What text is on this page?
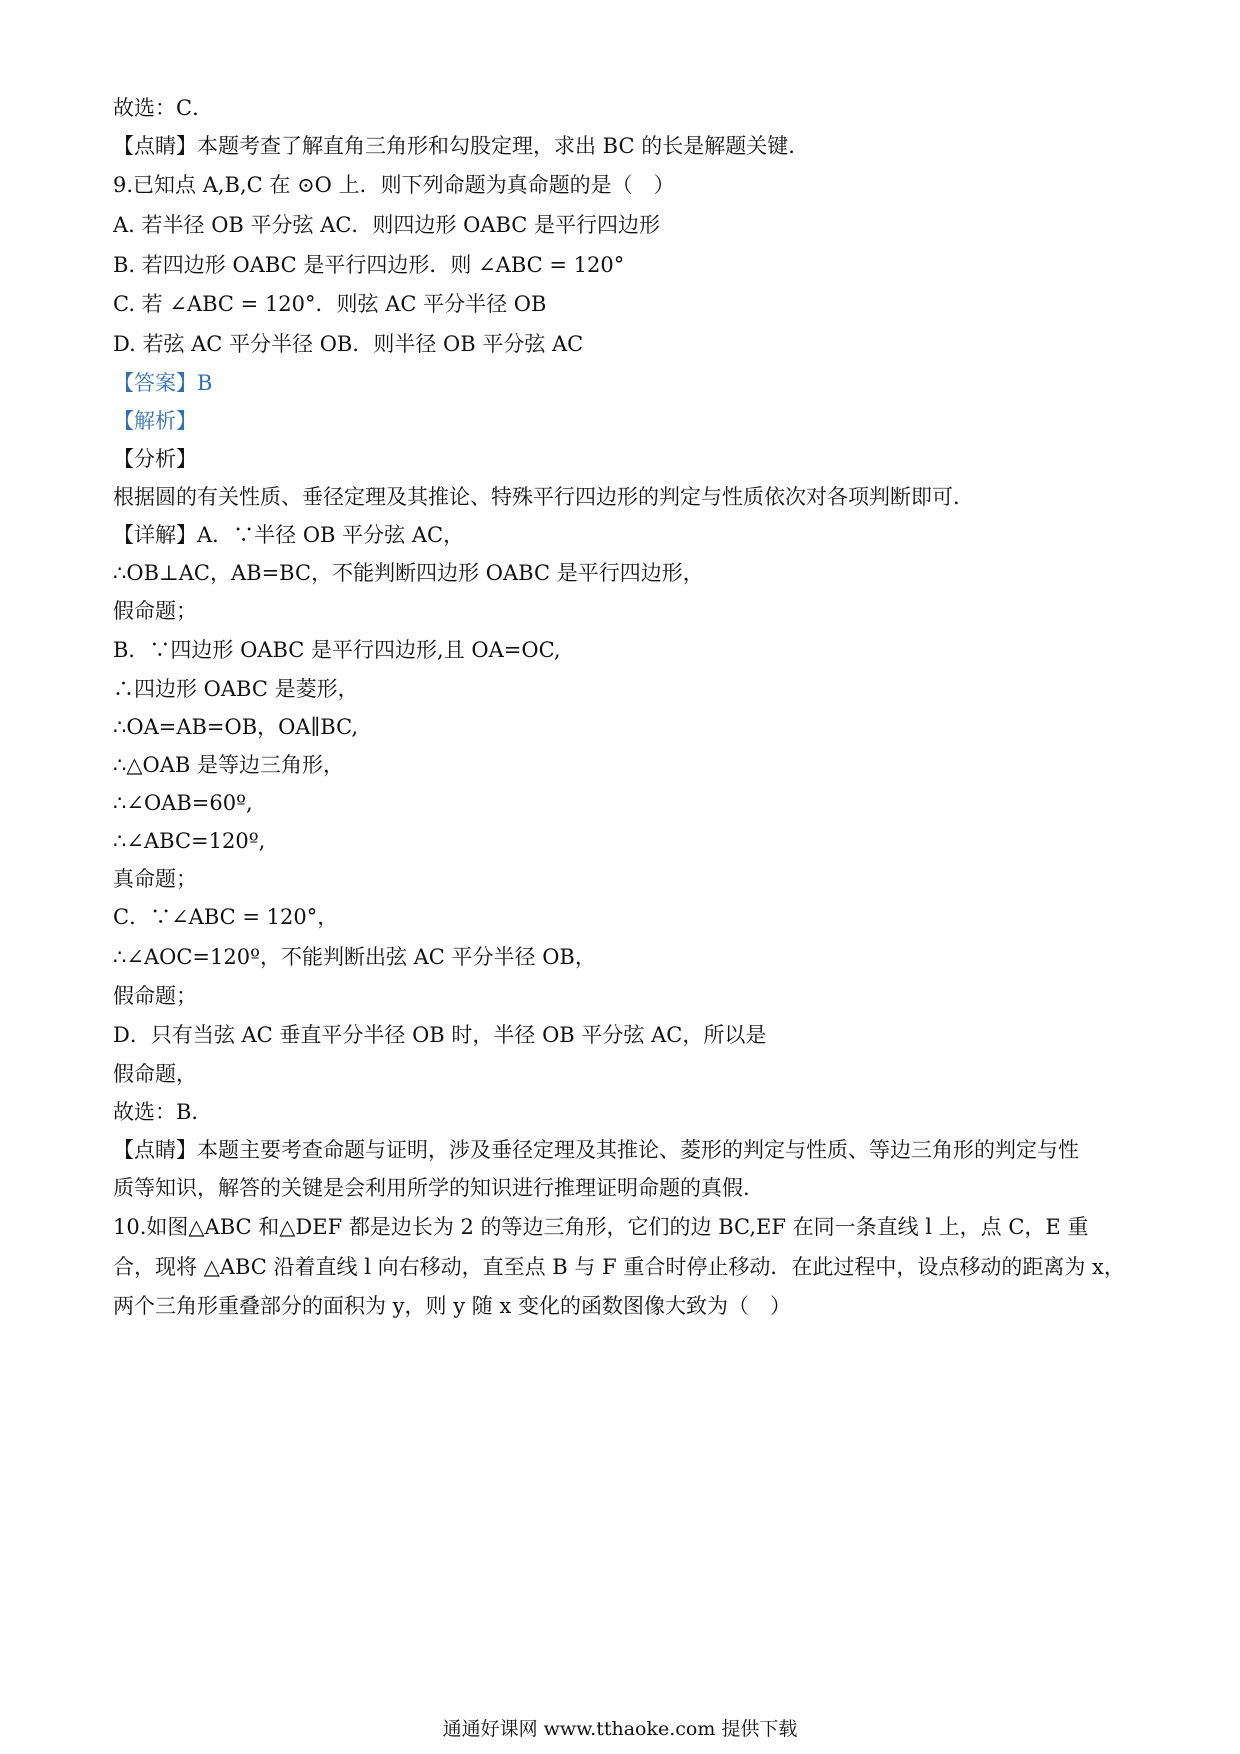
故选：C．
【点睛】本题考查了解直角三角形和勾股定理，求出 BC 的长是解题关键.
9.已知点 A,B,C 在 ⊙O 上．则下列命题为真命题的是（　）
A. 若半径 OB 平分弦 AC．则四边形 OABC 是平行四边形
B. 若四边形 OABC 是平行四边形．则 ∠ABC = 120°
C. 若 ∠ABC = 120°．则弦 AC 平分半径 OB
D. 若弦 AC 平分半径 OB．则半径 OB 平分弦 AC
【答案】B
【解析】
【分析】
根据圆的有关性质、垂径定理及其推论、特殊平行四边形的判定与性质依次对各项判断即可.
【详解】A．∵半径 OB 平分弦 AC，
∴OB⊥AC，AB=BC，不能判断四边形 OABC 是平行四边形，
假命题；
B．∵四边形 OABC 是平行四边形,且 OA=OC,
∴四边形 OABC 是菱形，
∴OA=AB=OB，OA∥BC,
∴△OAB 是等边三角形，
∴∠OAB=60º,
∴∠ABC=120º,
真命题；
C．∵∠ABC = 120°，
∴∠AOC=120º，不能判断出弦 AC 平分半径 OB，
假命题；
D．只有当弦 AC 垂直平分半径 OB 时，半径 OB 平分弦 AC，所以是
假命题，
故选：B．
【点睛】本题主要考查命题与证明，涉及垂径定理及其推论、菱形的判定与性质、等边三角形的判定与性
质等知识，解答的关键是会利用所学的知识进行推理证明命题的真假.
10.如图△ABC 和△DEF 都是边长为 2 的等边三角形，它们的边 BC,EF 在同一条直线 l 上，点 C，E 重
合，现将 △ABC 沿着直线 l 向右移动，直至点 B 与 F 重合时停止移动．在此过程中，设点移动的距离为 x，
两个三角形重叠部分的面积为 y，则 y 随 x 变化的函数图像大致为（　）
通通好课网 www.tthaoke.com 提供下载
